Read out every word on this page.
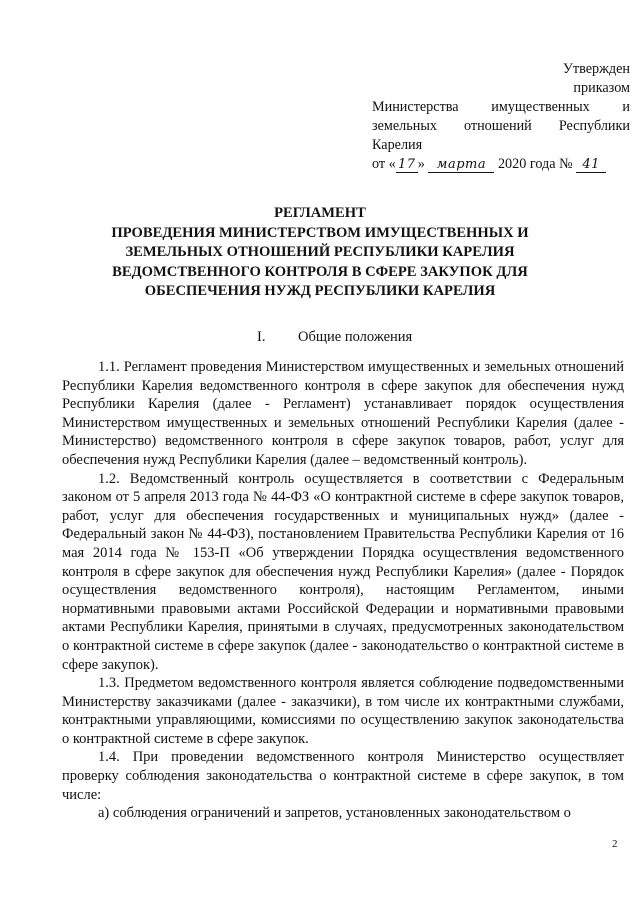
Утвержден
приказом
Министерства имущественных и
земельных отношений Республики
Карелия
от « 17 » марта 2020 года № 41
РЕГЛАМЕНТ
ПРОВЕДЕНИЯ МИНИСТЕРСТВОМ ИМУЩЕСТВЕННЫХ И
ЗЕМЕЛЬНЫХ ОТНОШЕНИЙ РЕСПУБЛИКИ КАРЕЛИЯ
ВЕДОМСТВЕННОГО КОНТРОЛЯ В СФЕРЕ ЗАКУПОК ДЛЯ
ОБЕСПЕЧЕНИЯ НУЖД РЕСПУБЛИКИ КАРЕЛИЯ
I. Общие положения

1.1. Регламент проведения Министерством имущественных и земельных отношений Республики Карелия ведомственного контроля в сфере закупок для обеспечения нужд Республики Карелия (далее - Регламент) устанавливает порядок осуществления Министерством имущественных и земельных отношений Республики Карелия (далее - Министерство) ведомственного контроля в сфере закупок товаров, работ, услуг для обеспечения нужд Республики Карелия (далее – ведомственный контроль).

1.2. Ведомственный контроль осуществляется в соответствии с Федеральным законом от 5 апреля 2013 года № 44-ФЗ «О контрактной системе в сфере закупок товаров, работ, услуг для обеспечения государственных и муниципальных нужд» (далее - Федеральный закон № 44-ФЗ), постановлением Правительства Республики Карелия от 16 мая 2014 года № 153-П «Об утверждении Порядка осуществления ведомственного контроля в сфере закупок для обеспечения нужд Республики Карелия» (далее - Порядок осуществления ведомственного контроля), настоящим Регламентом, иными нормативными правовыми актами Российской Федерации и нормативными правовыми актами Республики Карелия, принятыми в случаях, предусмотренных законодательством о контрактной системе в сфере закупок (далее - законодательство о контрактной системе в сфере закупок).

1.3. Предметом ведомственного контроля является соблюдение подведомственными Министерству заказчиками (далее - заказчики), в том числе их контрактными службами, контрактными управляющими, комиссиями по осуществлению закупок законодательства о контрактной системе в сфере закупок.

1.4. При проведении ведомственного контроля Министерство осуществляет проверку соблюдения законодательства о контрактной системе в сфере закупок, в том числе:

а) соблюдения ограничений и запретов, установленных законодательством о

2
